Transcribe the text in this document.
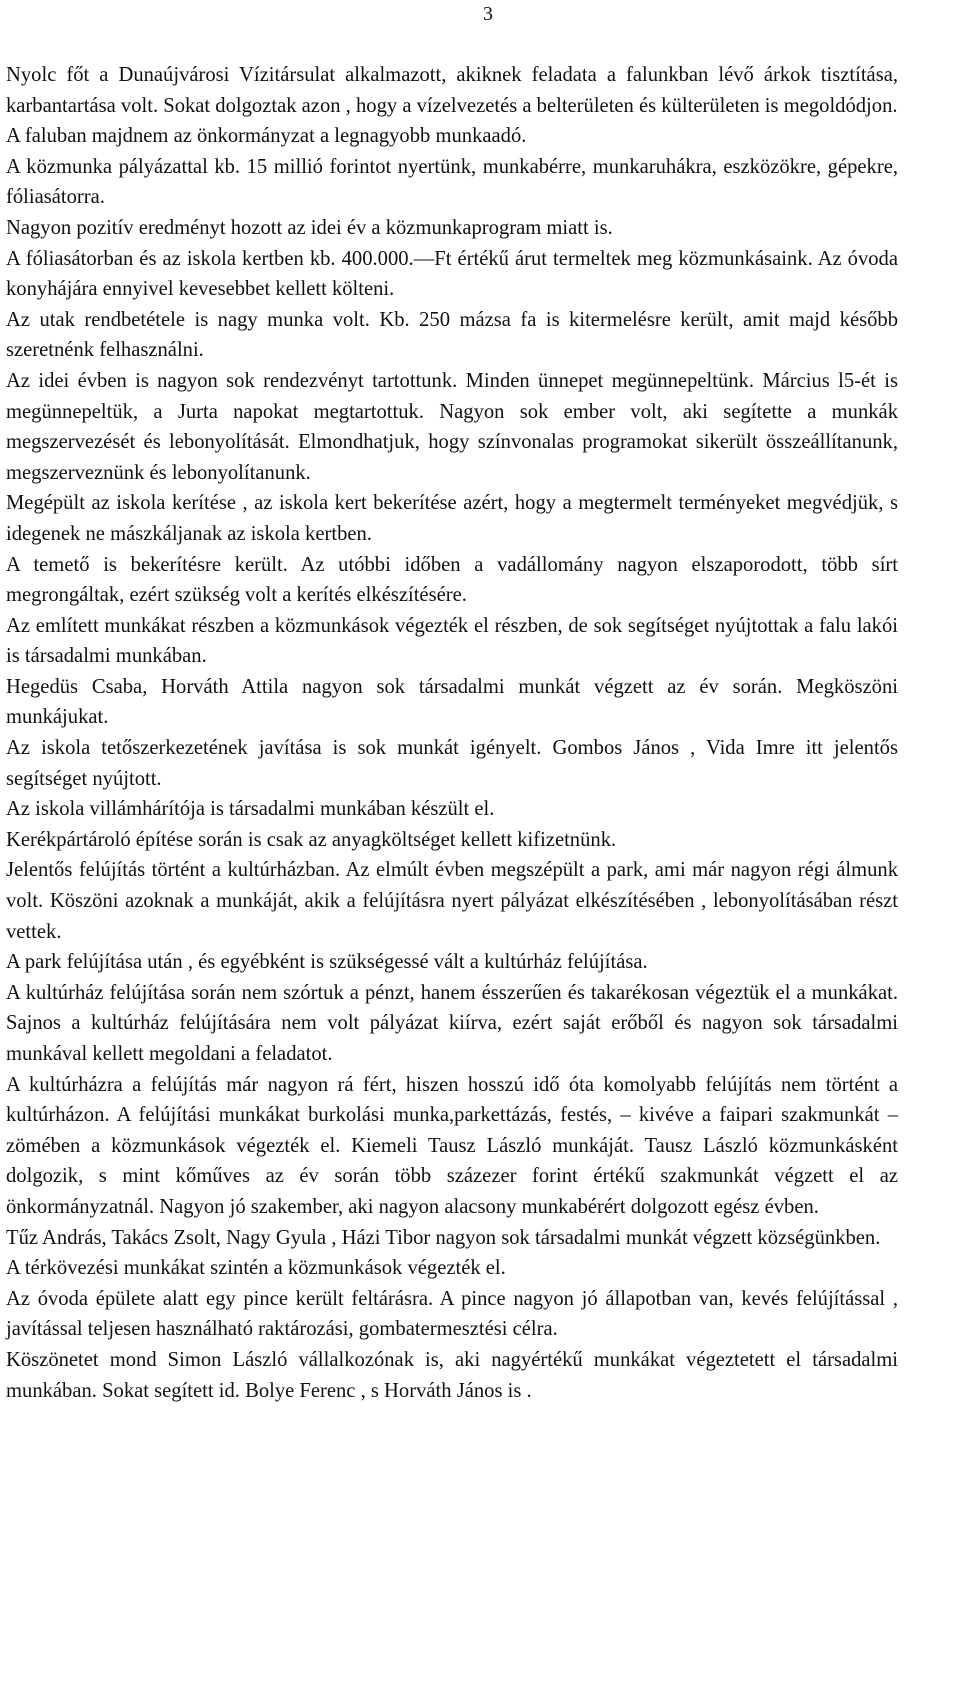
3

Nyolc főt a Dunaújvárosi Vízitársulat alkalmazott, akiknek feladata a falunkban lévő árkok tisztítása, karbantartása volt. Sokat dolgoztak azon , hogy a vízelvezetés a belterületen és külterületen is megoldódjon.

A faluban majdnem az önkormányzat a legnagyobb munkaadó.

A közmunka pályázattal kb. 15 millió forintot nyertünk, munkabérre, munkaruhákra, eszközökre, gépekre, fóliasátorra.

Nagyon pozitív eredményt hozott az idei év a közmunkaprogram miatt is.

A fóliasátorban és az iskola kertben kb. 400.000.—Ft értékű árut termeltek meg közmunkásaink. Az óvoda konyhájára ennyivel kevesebbet kellett költeni.

Az utak rendbetétele is nagy munka volt. Kb. 250 mázsa fa is kitermelésre került, amit majd később szeretnénk felhasználni.

Az idei évben is nagyon sok rendezvényt tartottunk. Minden ünnepet megünnepeltünk. Március l5-ét is megünnepeltük, a Jurta napokat megtartottuk. Nagyon sok ember volt, aki segítette a munkák megszervezését és lebonyolítását. Elmondhatjuk, hogy színvonalas programokat sikerült összeállítanunk, megszerveznünk és lebonyolítanunk.

Megépült az iskola kerítése , az iskola kert bekerítése azért, hogy a megtermelt terményeket megvédjük, s idegenek ne mászkáljanak az iskola kertben.

A temető is bekerítésre került. Az utóbbi időben a vadállomány nagyon elszaporodott, több sírt megrongáltak, ezért szükség volt a kerítés elkészítésére.

Az említett munkákat részben a közmunkások végezték el részben, de sok segítséget nyújtottak a falu lakói is társadalmi munkában.

Hegedüs Csaba, Horváth Attila nagyon sok társadalmi munkát végzett az év során. Megköszöni munkájukat.

Az iskola tetőszerkezetének javítása is sok munkát igényelt. Gombos János , Vida Imre itt jelentős segítséget nyújtott.

Az iskola villámhárítója is társadalmi munkában készült el.

Kerékpártároló építése során is csak az anyagköltséget kellett kifizetnünk.

Jelentős felújítás történt a kultúrházban. Az elmúlt évben megszépült a park, ami már nagyon régi álmunk volt. Köszöni azoknak a munkáját, akik a felújításra nyert pályázat elkészítésében , lebonyolításában részt vettek.

A park felújítása után , és egyébként is szükségessé vált a kultúrház felújítása.

A kultúrház felújítása során nem szórtuk a pénzt, hanem ésszerűen és takarékosan végeztük el a munkákat. Sajnos a kultúrház felújítására nem volt pályázat kiírva, ezért saját erőből és nagyon sok társadalmi munkával kellett megoldani a feladatot.

A kultúrházra a felújítás már nagyon rá fért, hiszen hosszú idő óta komolyabb felújítás nem történt a kultúrházon. A felújítási munkákat burkolási munka,parkettázás, festés, – kivéve a faipari szakmunkát – zömében a közmunkások végezték el. Kiemeli Tausz László munkáját. Tausz László közmunkásként dolgozik, s mint kőműves az év során több százezer forint értékű szakmunkát végzett el az önkormányzatnál. Nagyon jó szakember, aki nagyon alacsony munkabérért dolgozott egész évben.

Tűz András, Takács Zsolt, Nagy Gyula , Házi Tibor nagyon sok társadalmi munkát végzett községünkben.

A térkövezési munkákat szintén a közmunkások végezték el.

Az óvoda épülete alatt egy pince került feltárásra. A pince nagyon jó állapotban van, kevés felújítással , javítással teljesen használható raktározási, gombatermesztési célra.

Köszönetet mond Simon László vállalkozónak is, aki nagyértékű munkákat végeztetett el társadalmi munkában. Sokat segített id. Bolye Ferenc , s Horváth János is .
